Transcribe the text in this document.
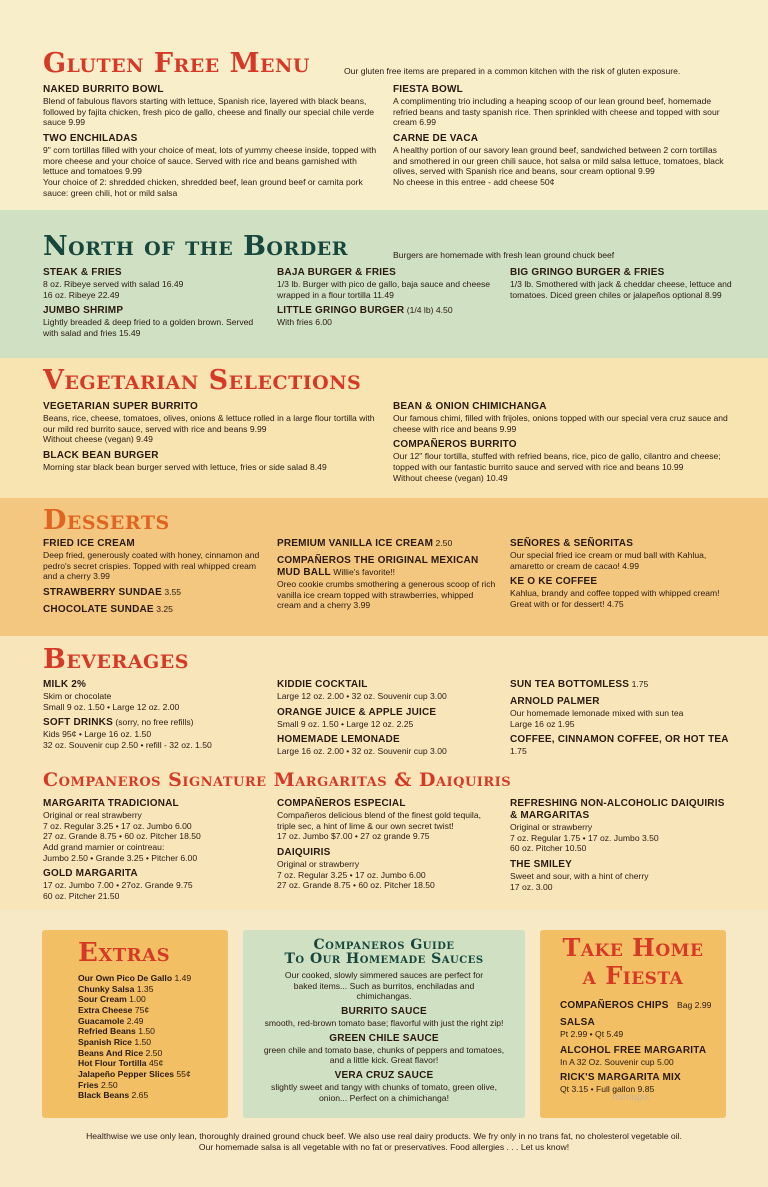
Gluten Free Menu	Our gluten free items are prepared in a common kitchen with the risk of gluten exposure.
NAKED BURRITO BOWL
Blend of fabulous flavors starting with lettuce, Spanish rice, layered with black beans, followed by fajita chicken, fresh pico de gallo, cheese and finally our special chile verde sauce 9.99
TWO ENCHILADAS
9" corn tortillas filled with your choice of meat, lots of yummy cheese inside, topped with more cheese and your choice of sauce. Served with rice and beans garnished with lettuce and tomatoes 9.99
Your choice of 2: shredded chicken, shredded beef, lean ground beef or carnita pork sauce: green chili, hot or mild salsa
FIESTA BOWL
A complimenting trio including a heaping scoop of our lean ground beef, homemade refried beans and tasty spanish rice. Then sprinkled with cheese and topped with sour cream 6.99
CARNE DE VACA
A healthy portion of our savory lean ground beef, sandwiched between 2 corn tortillas and smothered in our green chili sauce, hot salsa or mild salsa lettuce, tomatoes, black olives, served with Spanish rice and beans, sour cream optional 9.99
No cheese in this entree - add cheese 50¢
North of the Border	Burgers are homemade with fresh lean ground chuck beef
STEAK & FRIES
8 oz. Ribeye served with salad 16.49
16 oz. Ribeye 22.49
JUMBO SHRIMP
Lightly breaded & deep fried to a golden brown. Served with salad and fries 15.49
BAJA BURGER & FRIES
1/3 lb. Burger with pico de gallo, baja sauce and cheese wrapped in a flour tortilla 11.49
LITTLE GRINGO BURGER (1/4 lb) 4.50
With fries 6.00
BIG GRINGO BURGER & FRIES
1/3 lb. Smothered with jack & cheddar cheese, lettuce and tomatoes. Diced green chiles or jalapeños optional 8.99
Vegetarian Selections
VEGETARIAN SUPER BURRITO
Beans, rice, cheese, tomatoes, olives, onions & lettuce rolled in a large flour tortilla with our mild red burrito sauce, served with rice and beans 9.99
Without cheese (vegan) 9.49
BLACK BEAN BURGER
Morning star black bean burger served with lettuce, fries or side salad 8.49
BEAN & ONION CHIMICHANGA
Our famous chimi, filled with frijoles, onions topped with our special vera cruz sauce and cheese with rice and beans 9.99
COMPAÑEROS BURRITO
Our 12" flour tortilla, stuffed with refried beans, rice, pico de gallo, cilantro and cheese; topped with our fantastic burrito sauce and served with rice and beans 10.99
Without cheese (vegan) 10.49
Desserts
FRIED ICE CREAM
Deep fried, generously coated with honey, cinnamon and pedro's secret crispies. Topped with real whipped cream and a cherry 3.99
STRAWBERRY SUNDAE 3.55
CHOCOLATE SUNDAE 3.25
PREMIUM VANILLA ICE CREAM 2.50
COMPAÑEROS THE ORIGINAL MEXICAN MUD BALL Willie's favorite!!
Oreo cookie crumbs smothering a generous scoop of rich vanilla ice cream topped with strawberries, whipped cream and a cherry 3.99
SEÑORES & SEÑORITAS
Our special fried ice cream or mud ball with Kahlua, amaretto or cream de cacao! 4.99
KE O KE COFFEE
Kahlua, brandy and coffee topped with whipped cream! Great with or for dessert! 4.75
Beverages
MILK 2%
Skim or chocolate
Small 9 oz. 1.50 • Large 12 oz. 2.00
SOFT DRINKS (sorry, no free refills)
Kids 95¢ • Large 16 oz. 1.50
32 oz. Souvenir cup 2.50 • refill - 32 oz. 1.50
KIDDIE COCKTAIL
Large 12 oz. 2.00 • 32 oz. Souvenir cup 3.00
ORANGE JUICE & APPLE JUICE
Small 9 oz. 1.50 • Large 12 oz. 2.25
HOMEMADE LEMONADE
Large 16 oz. 2.00 • 32 oz. Souvenir cup 3.00
SUN TEA BOTTOMLESS 1.75
ARNOLD PALMER
Our homemade lemonade mixed with sun tea
Large 16 oz 1.95
COFFEE, CINNAMON COFFEE, OR HOT TEA 1.75
Companeros Signature Margaritas & Daiquiris
MARGARITA TRADICIONAL
Original or real strawberry
7 oz. Regular 3.25 • 17 oz. Jumbo 6.00
27 oz. Grande 8.75 • 60 oz. Pitcher 18.50
Add grand marnier or cointreau:
Jumbo 2.50 • Grande 3.25 • Pitcher 6.00
GOLD MARGARITA
17 oz. Jumbo 7.00 • 27oz. Grande 9.75
60 oz. Pitcher 21.50
COMPAÑEROS ESPECIAL
Compañeros delicious blend of the finest gold tequila, triple sec, a hint of lime & our own secret twist!
17 oz. Jumbo $7.00 • 27 oz grande 9.75
DAIQUIRIS
Original or strawberry
7 oz. Regular 3.25 • 17 oz. Jumbo 6.00
27 oz. Grande 8.75 • 60 oz. Pitcher 18.50
REFRESHING NON-ALCOHOLIC DAIQUIRIS & MARGARITAS
Original or strawberry
7 oz. Regular 1.75 • 17 oz. Jumbo 3.50
60 oz. Pitcher 10.50
THE SMILEY
Sweet and sour, with a hint of cherry
17 oz. 3.00
Extras
Our Own Pico De Gallo 1.49
Chunky Salsa 1.35
Sour Cream 1.00
Extra Cheese 75¢
Guacamole 2.49
Refried Beans 1.50
Spanish Rice 1.50
Beans And Rice 2.50
Hot Flour Tortilla 45¢
Jalapeño Pepper Slices 55¢
Fries 2.50
Black Beans 2.65
Companeros Guide
To Our Homemade Sauces
Our cooked, slowly simmered sauces are perfect for baked items... Such as burritos, enchiladas and chimichangas.
BURRITO SAUCE
smooth, red-brown tomato base; flavorful with just the right zip!
GREEN CHILE SAUCE
green chile and tomato base, chunks of peppers and tomatoes, and a little kick. Great flavor!
VERA CRUZ SAUCE
slightly sweet and tangy with chunks of tomato, green olive, onion... Perfect on a chimichanga!
Take Home
a Fiesta
COMPAÑEROS CHIPS Bag 2.99
SALSA
Pt 2.99 • Qt 5.49
ALCOHOL FREE MARGARITA
In A 32 Oz. Souvenir cup 5.00
RICK'S MARGARITA MIX
Qt 3.15 • Full gallon 9.85
menupix
Healthwise we use only lean, thoroughly drained ground chuck beef. We also use real dairy products. We fry only in no trans fat, no cholesterol vegetable oil.
Our homemade salsa is all vegetable with no fat or preservatives. Food allergies . . . Let us know!
